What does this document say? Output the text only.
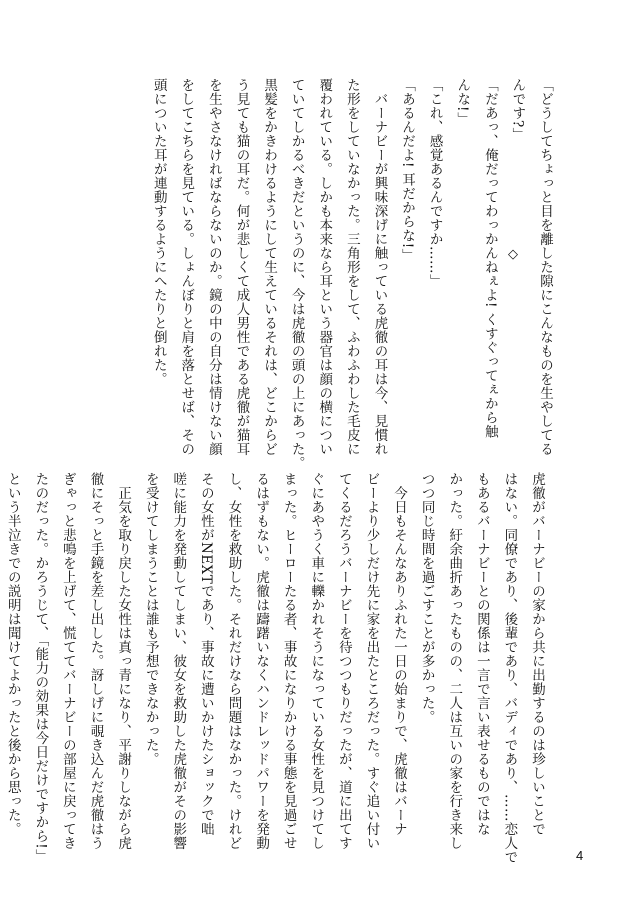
「どうしてちょっと目を離した隙にこんなものを生やしてる
んです?」
「だあっ、俺だってわっかんねぇよ! くすぐってぇから触
んな!」
「これ、感覚あるんですか……」
「あるんだよ! 耳だからな!」
　バーナビーが興味深げに触っている虎徹の耳は今、見慣れ
た形をしていなかった。三角形をして、ふわふわした毛皮に
覆われている。しかも本来なら耳という器官は顔の横につい
ていてしかるべきだというのに、今は虎徹の頭の上にあった。
黒髪をかきわけるようにして生えているそれは、どこからど
う見ても猫の耳だ。何が悲しくて成人男性である虎徹が猫耳
を生やさなければならないのか。鏡の中の自分は情けない顔
をしてこちらを見ている。しょんぼりと肩を落とせば、その
頭についた耳が連動するようにへたりと倒れた。	◇
虎徹がバーナビーの家から共に出勤するのは珍しいことで
はない。同僚であり、後輩であり、バディであり、……恋人で
もあるバーナビーとの関係は一言で言い表せるものではな
かった。紆余曲折あったものの、二人は互いの家を行き来し
つつ同じ時間を過ごすことが多かった。
　今日もそんなありふれた一日の始まりで、虎徹はバーナ
ビーより少しだけ先に家を出たところだった。すぐ追い付い
てくるだろうバーナビーを待つつもりだったが、道に出てす
ぐにあやうく車に轢かれそうになっている女性を見つけてし
まった。ヒーローたる者、事故になりかける事態を見過ごせ
るはずもない。虎徹は躊躇いなくハンドレッドパワーを発動
し、女性を救助した。それだけなら問題はなかった。けれど
その女性がNEXTであり、事故に遭いかけたショックで咄
嗟に能力を発動してしまい、彼女を救助した虎徹がその影響
を受けてしまうことは誰も予想できなかった。
　正気を取り戻した女性は真っ青になり、平謝りしながら虎
徹にそっと手鏡を差し出した。訝しげに覗き込んだ虎徹はう
ぎゃっと悲鳴を上げて、慌ててバーナビーの部屋に戻ってき
たのだった。かろうじて、「能力の効果は今日だけですから!」
という半泣きでの説明は聞けてよかったと後から思った。
4
